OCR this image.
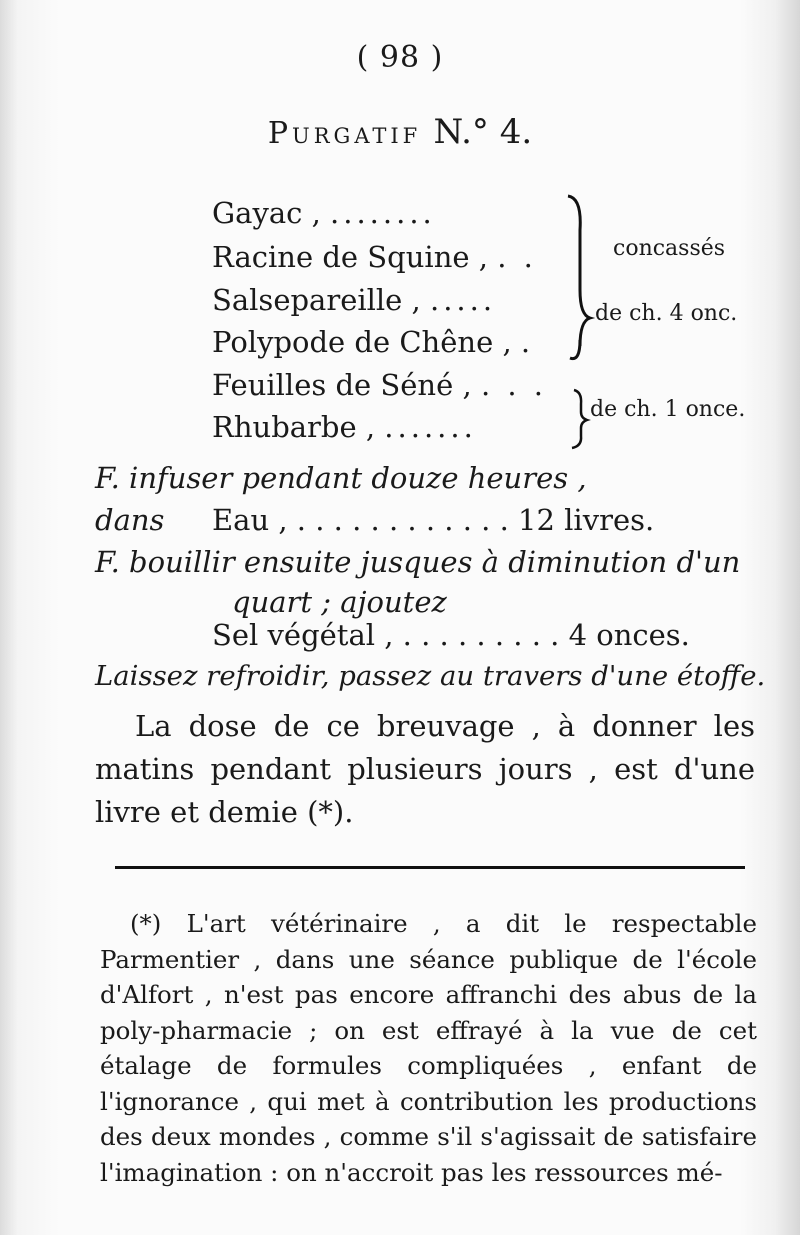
( 98 )
Purgatif N.° 4.
Gayac , ........
Racine de Squine , . .
Salsepareille , .....
Polypode de Chêne , .
Feuilles de Séné , . . .
Rhubarbe , .......
concassés
de ch. 4 onc.
de ch. 1 once.
F. infuser pendant douze heures ,
dans Eau , . . . . . . . . . . . . 12 livres.
F. bouillir ensuite jusques à diminution d'un
quart ; ajoutez
Sel végétal , . . . . . . . . . 4 onces.
Laissez refroidir, passez au travers d'une étoffe.
La dose de ce breuvage , à donner les matins pendant plusieurs jours , est d'une livre et demie (*).
(*) L'art vétérinaire , a dit le respectable Parmentier , dans une séance publique de l'école d'Alfort , n'est pas encore affranchi des abus de la poly-pharmacie ; on est effrayé à la vue de cet étalage de formules compliquées , enfant de l'ignorance , qui met à contribution les productions des deux mondes , comme s'il s'agissait de satisfaire l'imagination : on n'accroit pas les ressources mé-
